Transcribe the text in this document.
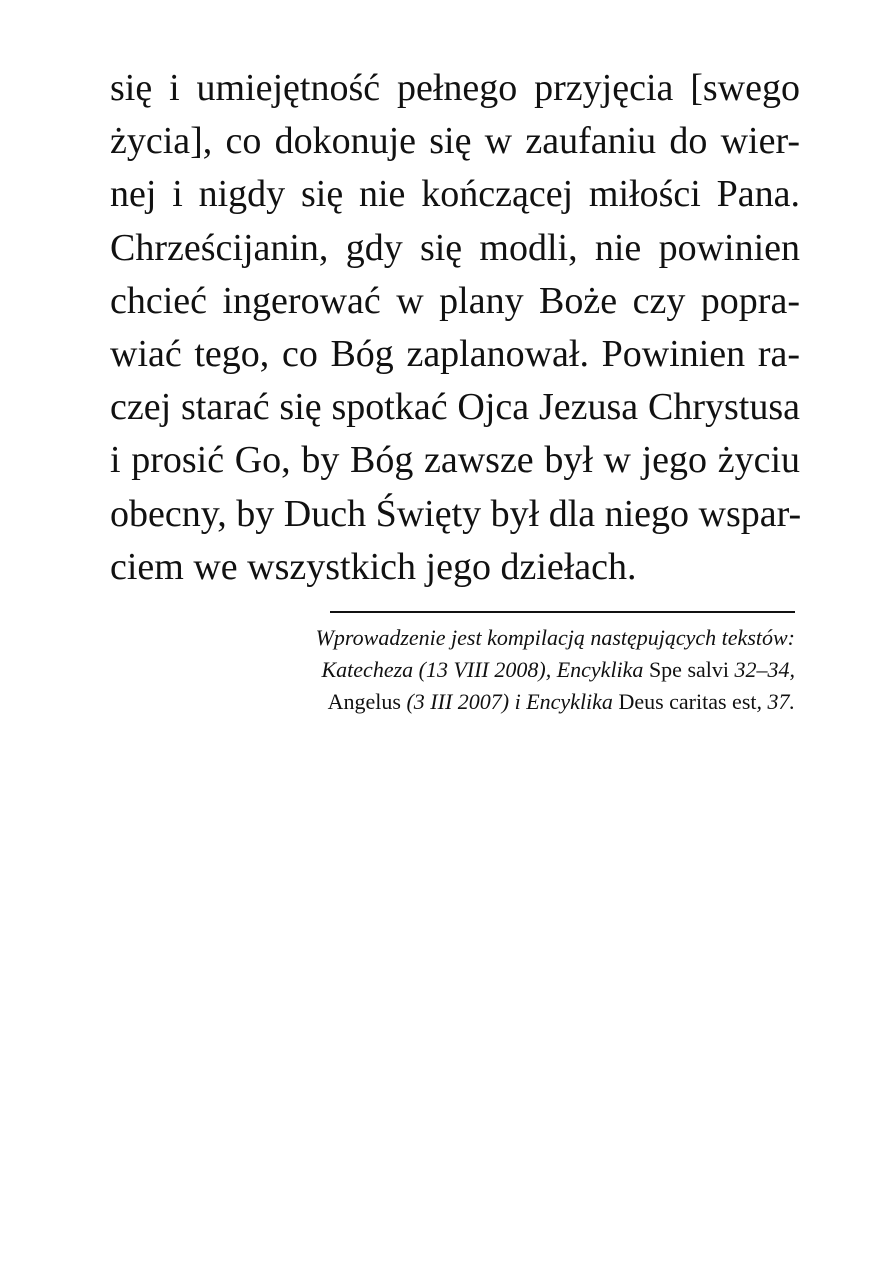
się i umiejętność pełnego przyjęcia [swego
życia], co dokonuje się w zaufaniu do wier-
nej i nigdy się nie kończącej miłości Pana.
Chrześcijanin, gdy się modli, nie powinien
chcieć ingerować w plany Boże czy popra-
wiać tego, co Bóg zaplanował. Powinien ra-
czej starać się spotkać Ojca Jezusa Chrystusa
i prosić Go, by Bóg zawsze był w jego życiu
obecny, by Duch Święty był dla niego wspar-
ciem we wszystkich jego dziełach.
Wprowadzenie jest kompilacją następujących tekstów:
Katecheza (13 VIII 2008), Encyklika Spe salvi 32–34,
Angelus (3 III 2007) i Encyklika Deus caritas est, 37.
